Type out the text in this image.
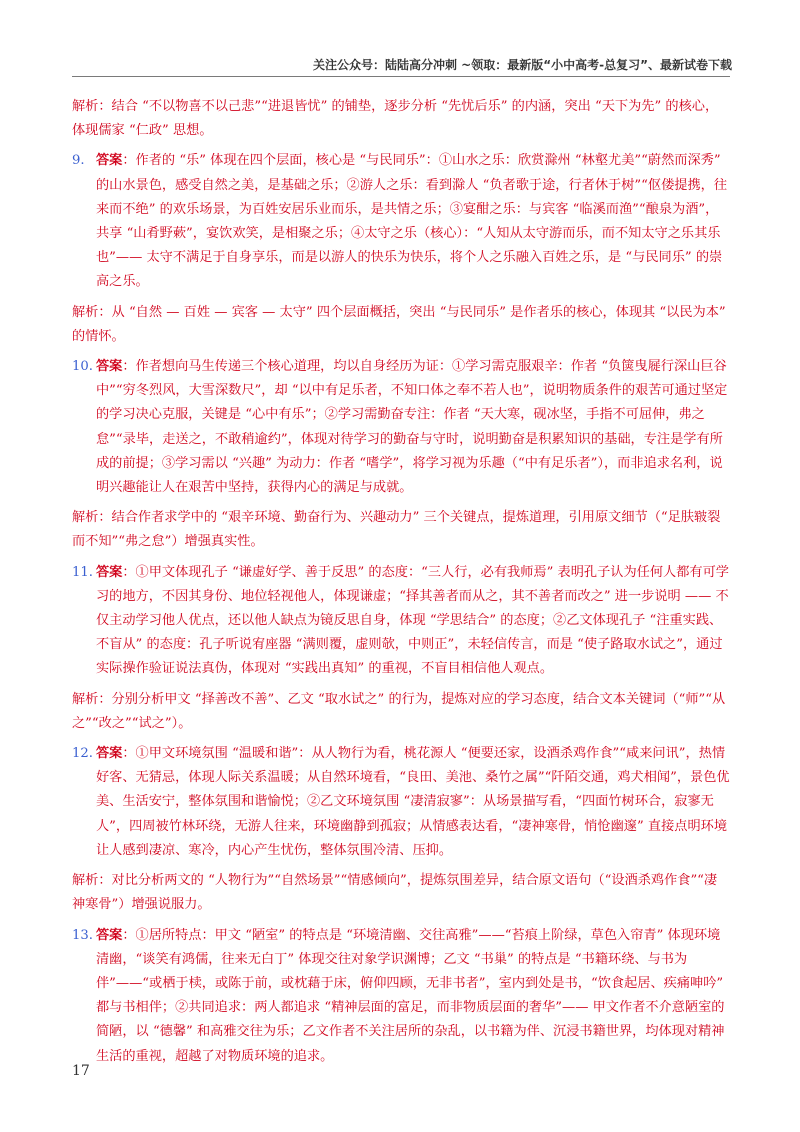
关注公众号：陆陆高分冲刺 ~领取：最新版“小中高考-总复习”、最新试卷下载
解析：结合 “不以物喜不以己悲”“进退皆忧” 的铺垫，逐步分析 “先忧后乐” 的内涵，突出 “天下为先” 的核心，体现儒家 “仁政” 思想。
9. 答案：作者的 “乐” 体现在四个层面，核心是 “与民同乐”：①山水之乐：欣赏滁州 “林壑尤美”“蔚然而深秀” 的山水景色，感受自然之美，是基础之乐；②游人之乐：看到滁人 “负者歌于途，行者休于树”“伛偻提携，往来而不绝” 的欢乐场景，为百姓安居乐业而乐，是共情之乐；③宴酣之乐：与宾客 “临溪而渔”“酿泉为酒”，共享 “山肴野蔌”，宴饮欢笑，是相聚之乐；④太守之乐（核心）：“人知从太守游而乐，而不知太守之乐其乐也”—— 太守不满足于自身享乐，而是以游人的快乐为快乐，将个人之乐融入百姓之乐，是 “与民同乐” 的崇高之乐。
解析：从 “自然 — 百姓 — 宾客 — 太守” 四个层面概括，突出 “与民同乐” 是作者乐的核心，体现其 “以民为本” 的情怀。
10. 答案：作者想向马生传递三个核心道理，均以自身经历为证：①学习需克服艰辛：作者 “负箧曳屣行深山巨谷中”“穷冬烈风，大雪深数尺”，却 “以中有足乐者，不知口体之奉不若人也”，说明物质条件的艰苦可通过坚定的学习决心克服，关键是 “心中有乐”；②学习需勤奋专注：作者 “天大寒，砚冰坚，手指不可屈伸，弗之怠”“录毕，走送之，不敢稍逾约”，体现对待学习的勤奋与守时，说明勤奋是积累知识的基础，专注是学有所成的前提；③学习需以 “兴趣” 为动力：作者 “嗜学”，将学习视为乐趣（“中有足乐者”），而非追求名利，说明兴趣能让人在艰苦中坚持，获得内心的满足与成就。
解析：结合作者求学中的 “艰辛环境、勤奋行为、兴趣动力” 三个关键点，提炼道理，引用原文细节（“足肤皲裂而不知”“弗之怠”）增强真实性。
11. 答案：①甲文体现孔子 “谦虚好学、善于反思” 的态度：“三人行，必有我师焉” 表明孔子认为任何人都有可学习的地方，不因其身份、地位轻视他人，体现谦虚；“择其善者而从之，其不善者而改之” 进一步说明 —— 不仅主动学习他人优点，还以他人缺点为镜反思自身，体现 “学思结合” 的态度；②乙文体现孔子 “注重实践、不盲从” 的态度：孔子听说宥座器 “满则覆，虚则欹，中则正”，未轻信传言，而是 “使子路取水试之”，通过实际操作验证说法真伪，体现对 “实践出真知” 的重视，不盲目相信他人观点。
解析：分别分析甲文 “择善改不善”、乙文 “取水试之” 的行为，提炼对应的学习态度，结合文本关键词（“师”“从之”“改之”“试之”）。
12. 答案：①甲文环境氛围 “温暖和谐”：从人物行为看，桃花源人 “便要还家，设酒杀鸡作食”“咸来问讯”，热情好客、无猜忌，体现人际关系温暖；从自然环境看，“良田、美池、桑竹之属”“阡陌交通，鸡犬相闻”，景色优美、生活安宁，整体氛围和谐愉悦；②乙文环境氛围 “凄清寂寥”：从场景描写看，“四面竹树环合，寂寥无人”，四周被竹林环绕，无游人往来，环境幽静到孤寂；从情感表达看，“凄神寒骨，悄怆幽邃” 直接点明环境让人感到凄凉、寒冷，内心产生忧伤，整体氛围冷清、压抑。
解析：对比分析两文的 “人物行为”“自然场景”“情感倾向”，提炼氛围差异，结合原文语句（“设酒杀鸡作食”“凄神寒骨”）增强说服力。
13. 答案：①居所特点：甲文 “陋室” 的特点是 “环境清幽、交往高雅”——“苔痕上阶绿，草色入帘青” 体现环境清幽，“谈笑有鸿儒，往来无白丁” 体现交往对象学识渊博；乙文 “书巢” 的特点是 “书籍环绕、与书为伴”——“或栖于椟，或陈于前，或枕藉于床，俯仰四顾，无非书者”，室内到处是书，“饮食起居、疾痛呻吟” 都与书相伴；②共同追求：两人都追求 “精神层面的富足，而非物质层面的奢华”—— 甲文作者不介意陋室的简陋，以 “德馨” 和高雅交往为乐；乙文作者不关注居所的杂乱，以书籍为伴、沉浸书籍世界，均体现对精神生活的重视，超越了对物质环境的追求。
17
